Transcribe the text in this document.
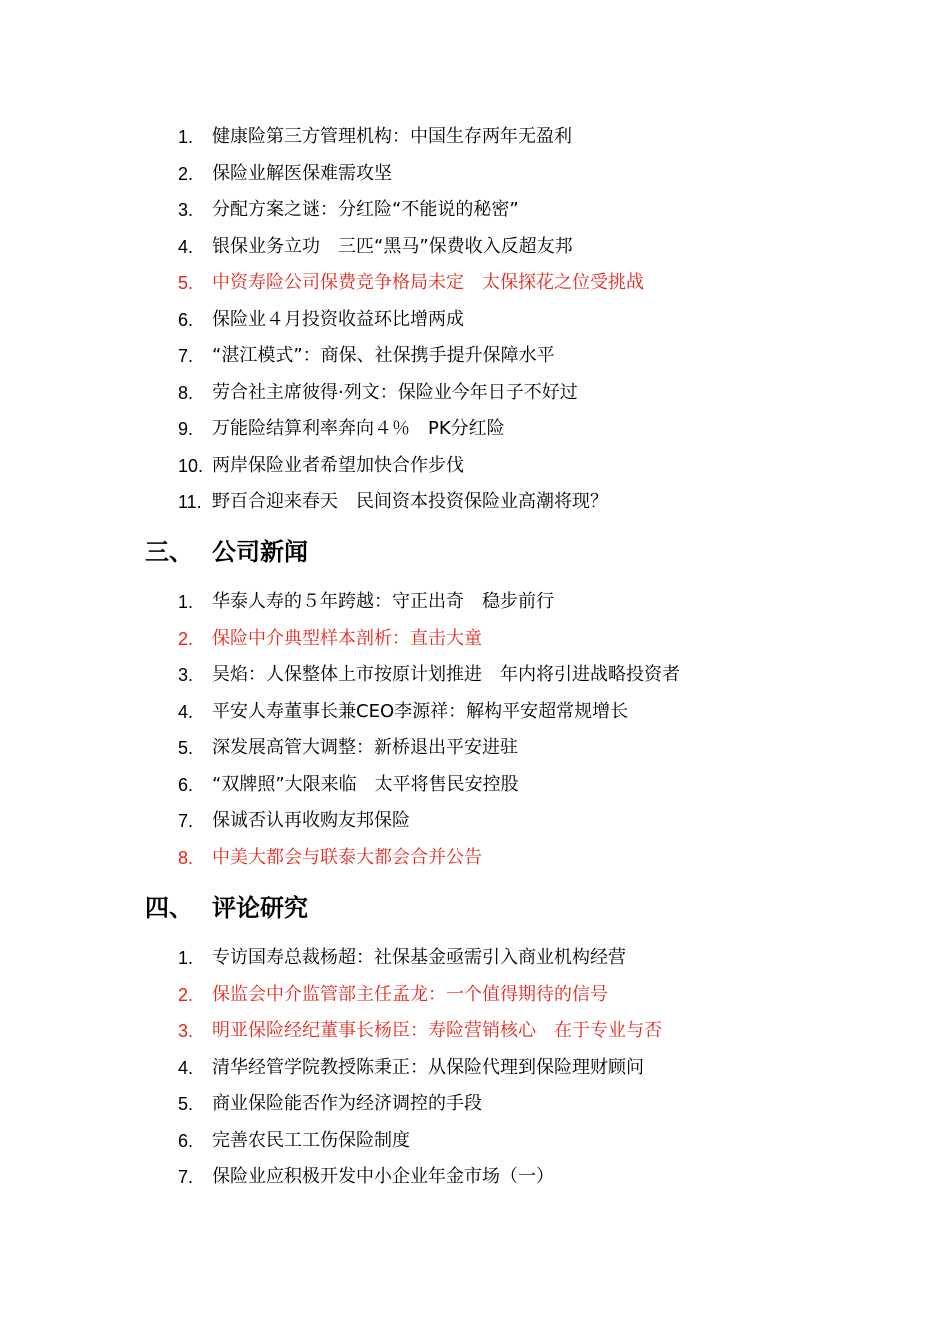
1.	健康险第三方管理机构：中国生存两年无盈利
2.	保险业解医保难需攻坚
3.	分配方案之谜：分红险“不能说的秘密”
4.	银保业务立功　三匹“黑马”保费收入反超友邦
5.	中资寿险公司保费竞争格局未定　太保探花之位受挑战
6.	保险业４月投资收益环比增两成
7.	“湛江模式”：商保、社保携手提升保障水平
8.	劳合社主席彼得·列文：保险业今年日子不好过
9.	万能险结算利率奔向４％　PK分红险
10. 两岸保险业者希望加快合作步伐
11. 野百合迎来春天　民间资本投资保险业高潮将现？
三、 公司新闻
1.	华泰人寿的５年跨越：守正出奇　稳步前行
2.	保险中介典型样本剖析：直击大童
3.	吴焰：人保整体上市按原计划推进　年内将引进战略投资者
4.	平安人寿董事长兼CEO李源祥：解构平安超常规增长
5.	深发展高管大调整：新桥退出平安进驻
6.	“双牌照”大限来临　太平将售民安控股
7.	保诚否认再收购友邦保险
8.	中美大都会与联泰大都会合并公告
四、 评论研究
1.	专访国寿总裁杨超：社保基金亟需引入商业机构经营
2.	保监会中介监管部主任孟龙：一个值得期待的信号
3.	明亚保险经纪董事长杨臣：寿险营销核心　在于专业与否
4.	清华经管学院教授陈秉正：从保险代理到保险理财顾问
5.	商业保险能否作为经济调控的手段
6.	完善农民工工伤保险制度
7.	保险业应积极开发中小企业年金市场（一）
